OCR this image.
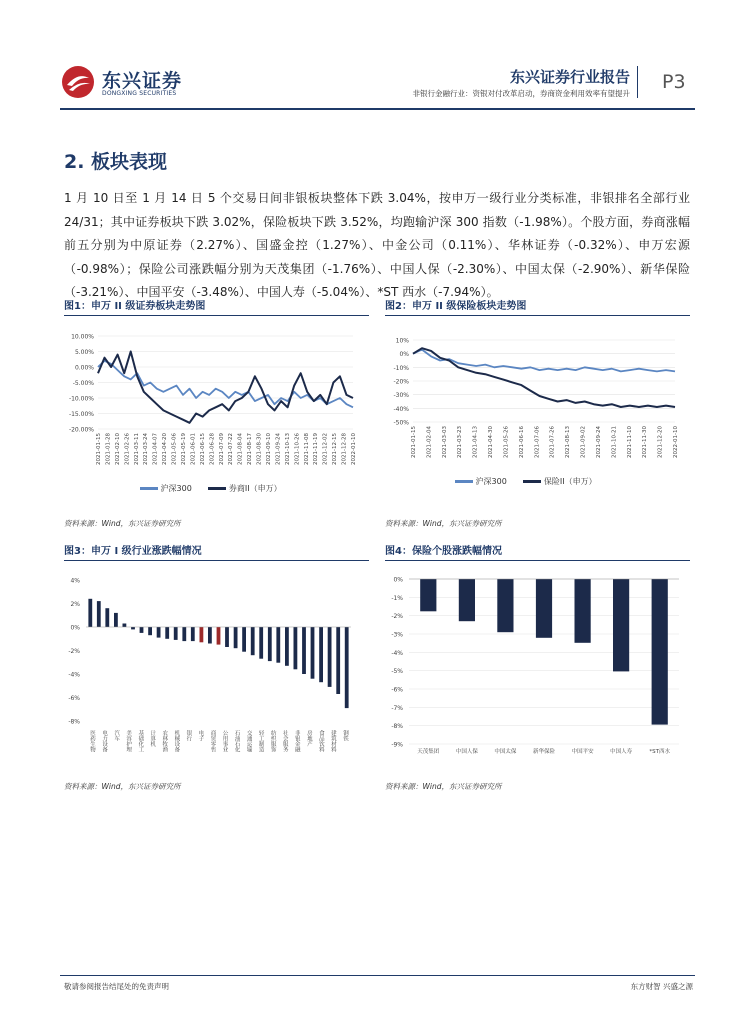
东兴证券
DONGXING SECURITIES
东兴证券行业报告
非银行金融行业：资银对付改革启动，券商资金利用效率有望提升
P3
2. 板块表现
1 月 10 日至 1 月 14 日 5 个交易日间非银板块整体下跌 3.04%，按申万一级行业分类标准，非银排名全部行业 24/31；其中证券板块下跌 3.02%，保险板块下跌 3.52%，均跑输沪深 300 指数（-1.98%）。个股方面，券商涨幅前五分别为中原证券（2.27%）、国盛金控（1.27%）、中金公司（0.11%）、华林证券（-0.32%）、申万宏源（-0.98%）；保险公司涨跌幅分别为天茂集团（-1.76%）、中国人保（-2.30%）、中国太保（-2.90%）、新华保险（-3.21%）、中国平安（-3.48%）、中国人寿（-5.04%）、*ST 西水（-7.94%）。
图1：申万 II 级证券板块走势图	图2：申万 II 级保险板块走势图
10.00%
5.00%
0.00%
-5.00%
-10.00%
-15.00%
-20.00%
2021-01-15 2021-01-28 2021-02-10 2021-02-26 2021-03-11 2021-03-24 2021-04-07 2021-04-20 2021-05-06 2021-05-19 2021-06-01 2021-06-15 2021-06-28 2021-07-09 2021-07-22 2021-08-04 2021-08-17 2021-08-30 2021-09-10 2021-09-24 2021-10-13 2021-10-26 2021-11-08 2021-11-19 2021-12-02 2021-12-15 2021-12-28 2022-01-10
沪深300	券商II（申万）
10%
0%
-10%
-20%
-30%
-40%
-50%
2021-01-15 2021-02-04 2021-03-03 2021-03-23 2021-04-13 2021-04-30 2021-05-26 2021-06-16 2021-07-06 2021-07-26 2021-08-13 2021-09-02 2021-09-24 2021-10-21 2021-11-10 2021-11-30 2021-12-20 2022-01-10
沪深300	保险II（申万）
资料来源：Wind，东兴证券研究所	资料来源：Wind，东兴证券研究所
图3：申万 I 级行业涨跌幅情况	图4：保险个股涨跌幅情况
4%
2%
0%
-2%
-4%
-6%
-8%
医药生物 电力设备 汽车 美容护理 基础化工 计算机 农林牧渔 机械设备 银行 电子 商贸零售 公用事业 石油石化 交通运输 轻工制造 纺织服饰 社会服务 非银金融 房地产 食品饮料 建筑材料 钢铁
0%
-1%
-2%
-3%
-4%
-5%
-6%
-7%
-8%
-9%
天茂集团	中国人保	中国太保	新华保险	中国平安	中国人寿	*ST西水
资料来源：Wind，东兴证券研究所	资料来源：Wind，东兴证券研究所
敬请参阅报告结尾处的免责声明	东方财智 兴盛之源
